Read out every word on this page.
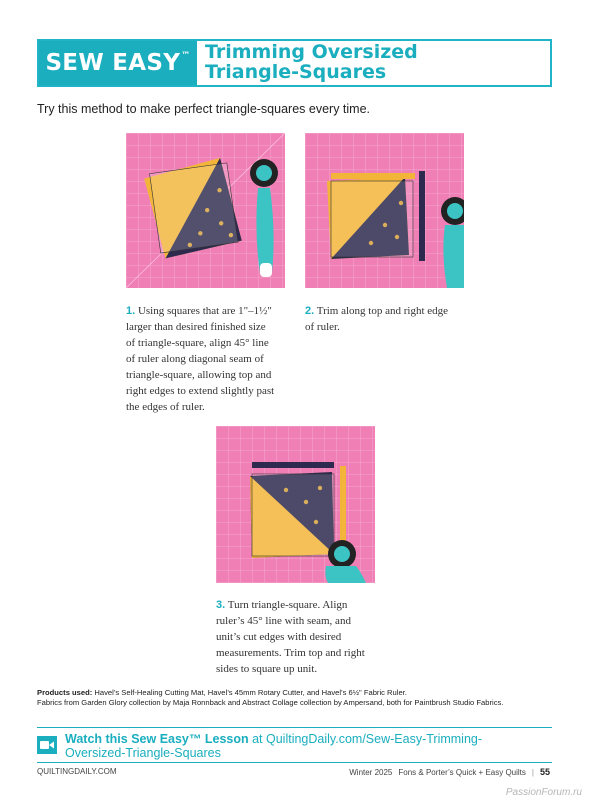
SEW EASY™ Trimming Oversized
Triangle-Squares
Try this method to make perfect triangle-squares every time.
1. Using squares that are 1"–1½"
larger than desired finished size
of triangle-square, align 45° line
of ruler along diagonal seam of
triangle-square, allowing top and
right edges to extend slightly past
the edges of ruler.
2. Trim along top and right edge
of ruler.
3. Turn triangle-square. Align
ruler’s 45° line with seam, and
unit’s cut edges with desired
measurements. Trim top and right
sides to square up unit.
Products used: Havel’s Self-Healing Cutting Mat, Havel’s 45mm Rotary Cutter, and Havel’s 6½" Fabric Ruler.
Fabrics from Garden Glory collection by Maja Ronnback and Abstract Collage collection by Ampersand, both for Paintbrush Studio Fabrics.
Watch this Sew Easy™ Lesson at QuiltingDaily.com/Sew-Easy-Trimming-
Oversized-Triangle-Squares
QUILTINGDAILY.COM	Winter 2025 Fons & Porter’s Quick + Easy Quilts | 55
PassionForum.ru
